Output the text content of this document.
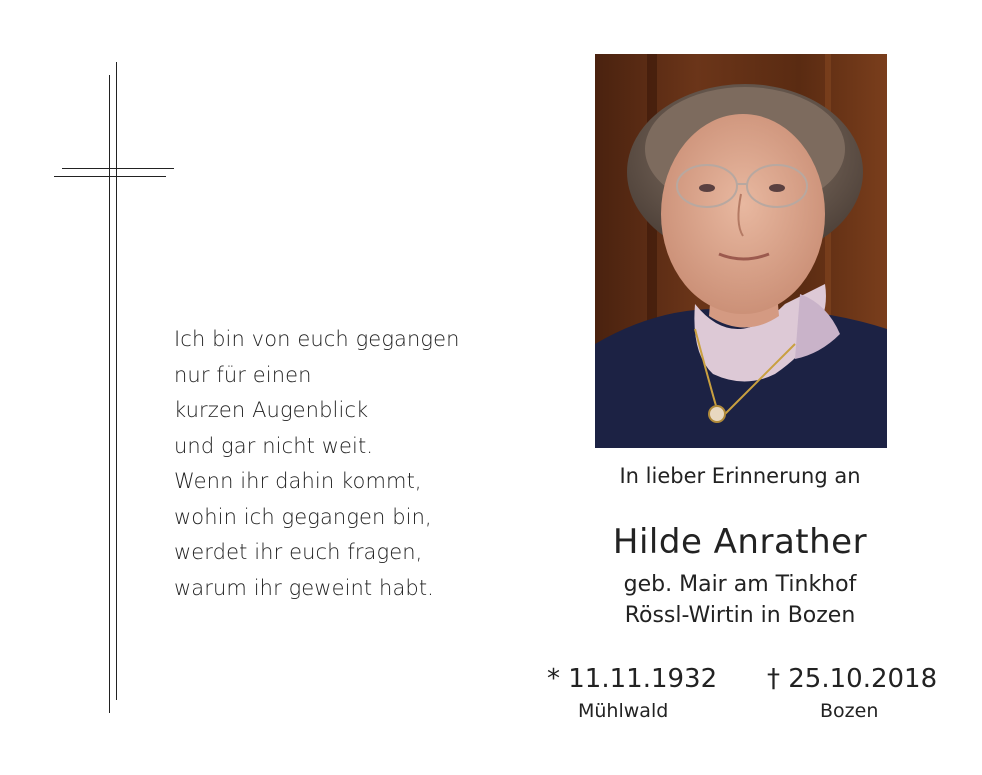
Ich bin von euch gegangen
nur für einen
kurzen Augenblick
und gar nicht weit.
Wenn ihr dahin kommt,
wohin ich gegangen bin,
werdet ihr euch fragen,
warum ihr geweint habt.
In lieber Erinnerung an
Hilde Anrather
geb. Mair am Tinkhof
Rössl-Wirtin in Bozen
* 11.11.1932 † 25.10.2018
Mühlwald	Bozen
